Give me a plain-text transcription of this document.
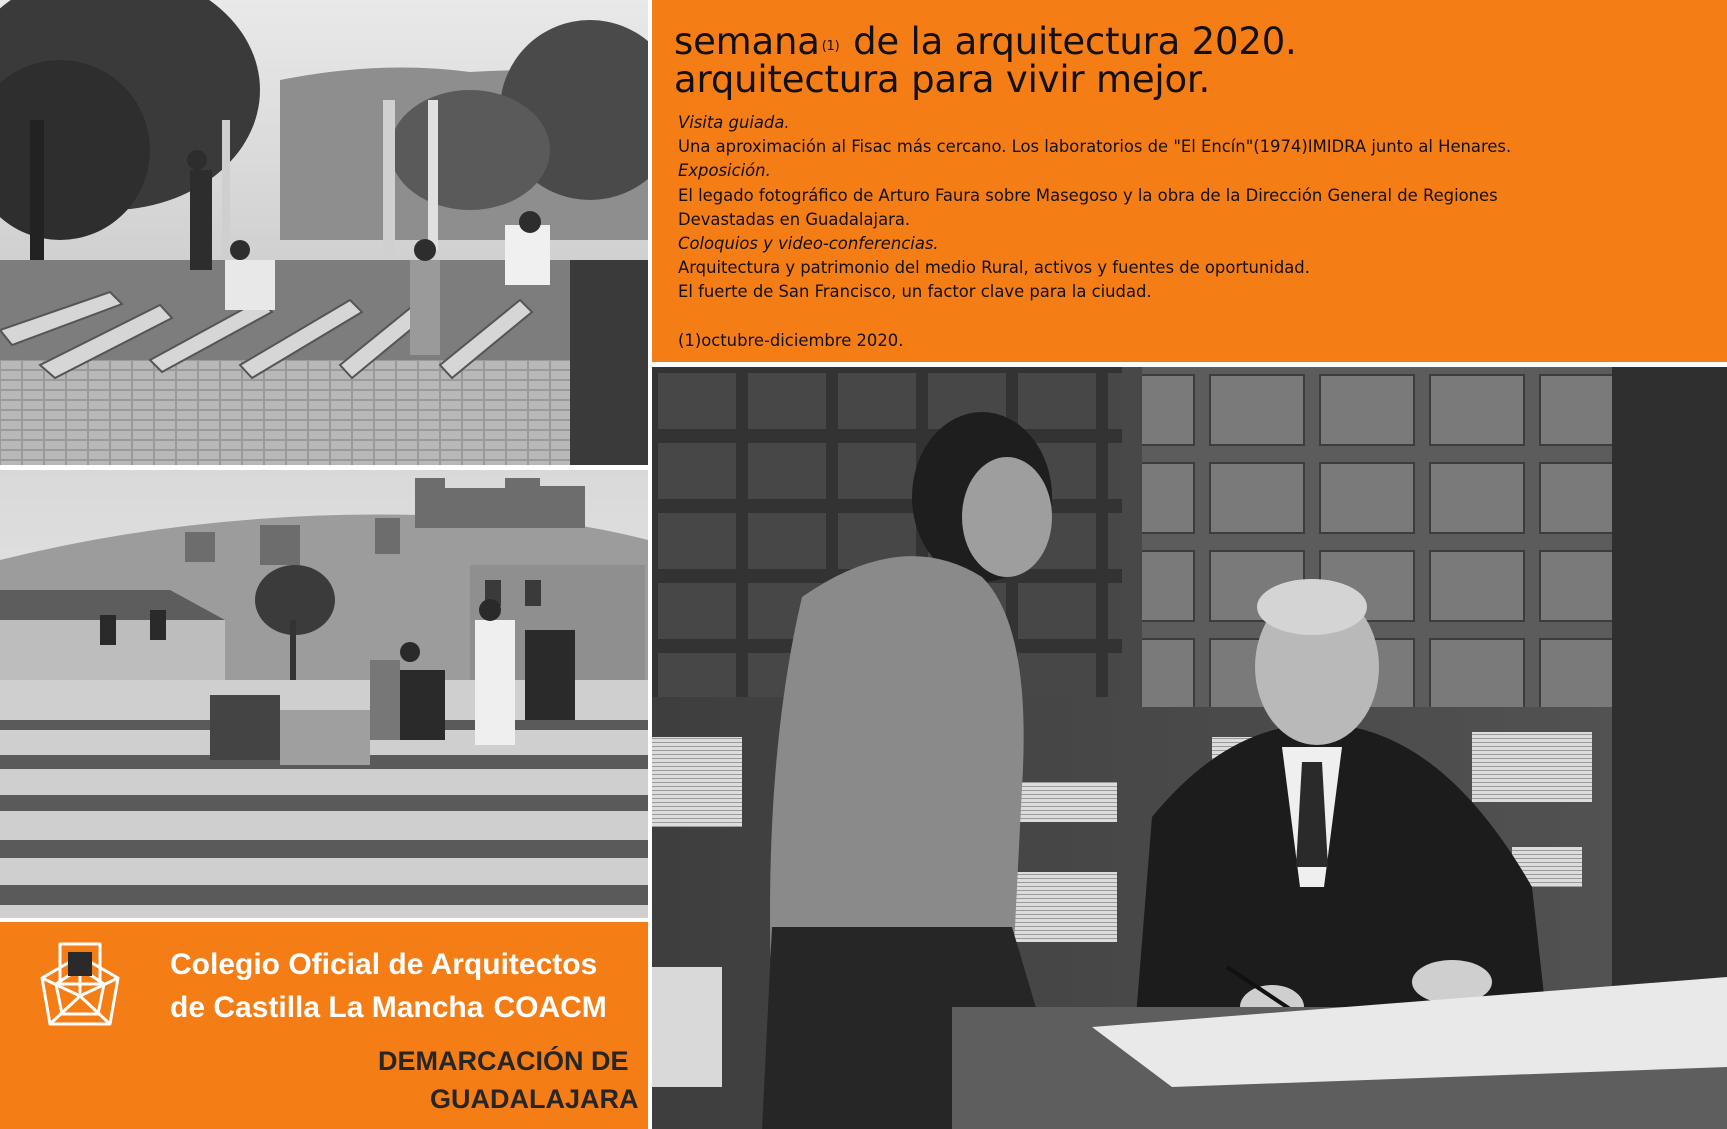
semana (1) de la arquitectura 2020.
arquitectura para vivir mejor.
Visita guiada.
Una aproximación al Fisac más cercano. Los laboratorios de "El Encín"(1974)IMIDRA junto al Henares.
Exposición.
El legado fotográfico de Arturo Faura sobre Masegoso y la obra de la Dirección General de Regiones
Devastadas en Guadalajara.
Coloquios y video-conferencias.
Arquitectura y patrimonio del medio Rural, activos y fuentes de oportunidad.
El fuerte de San Francisco, un factor clave para la ciudad.
(1)octubre-diciembre 2020.
Colegio Oficial de Arquitectos
de Castilla La Mancha COACM
DEMARCACIÓN DE
GUADALAJARA
